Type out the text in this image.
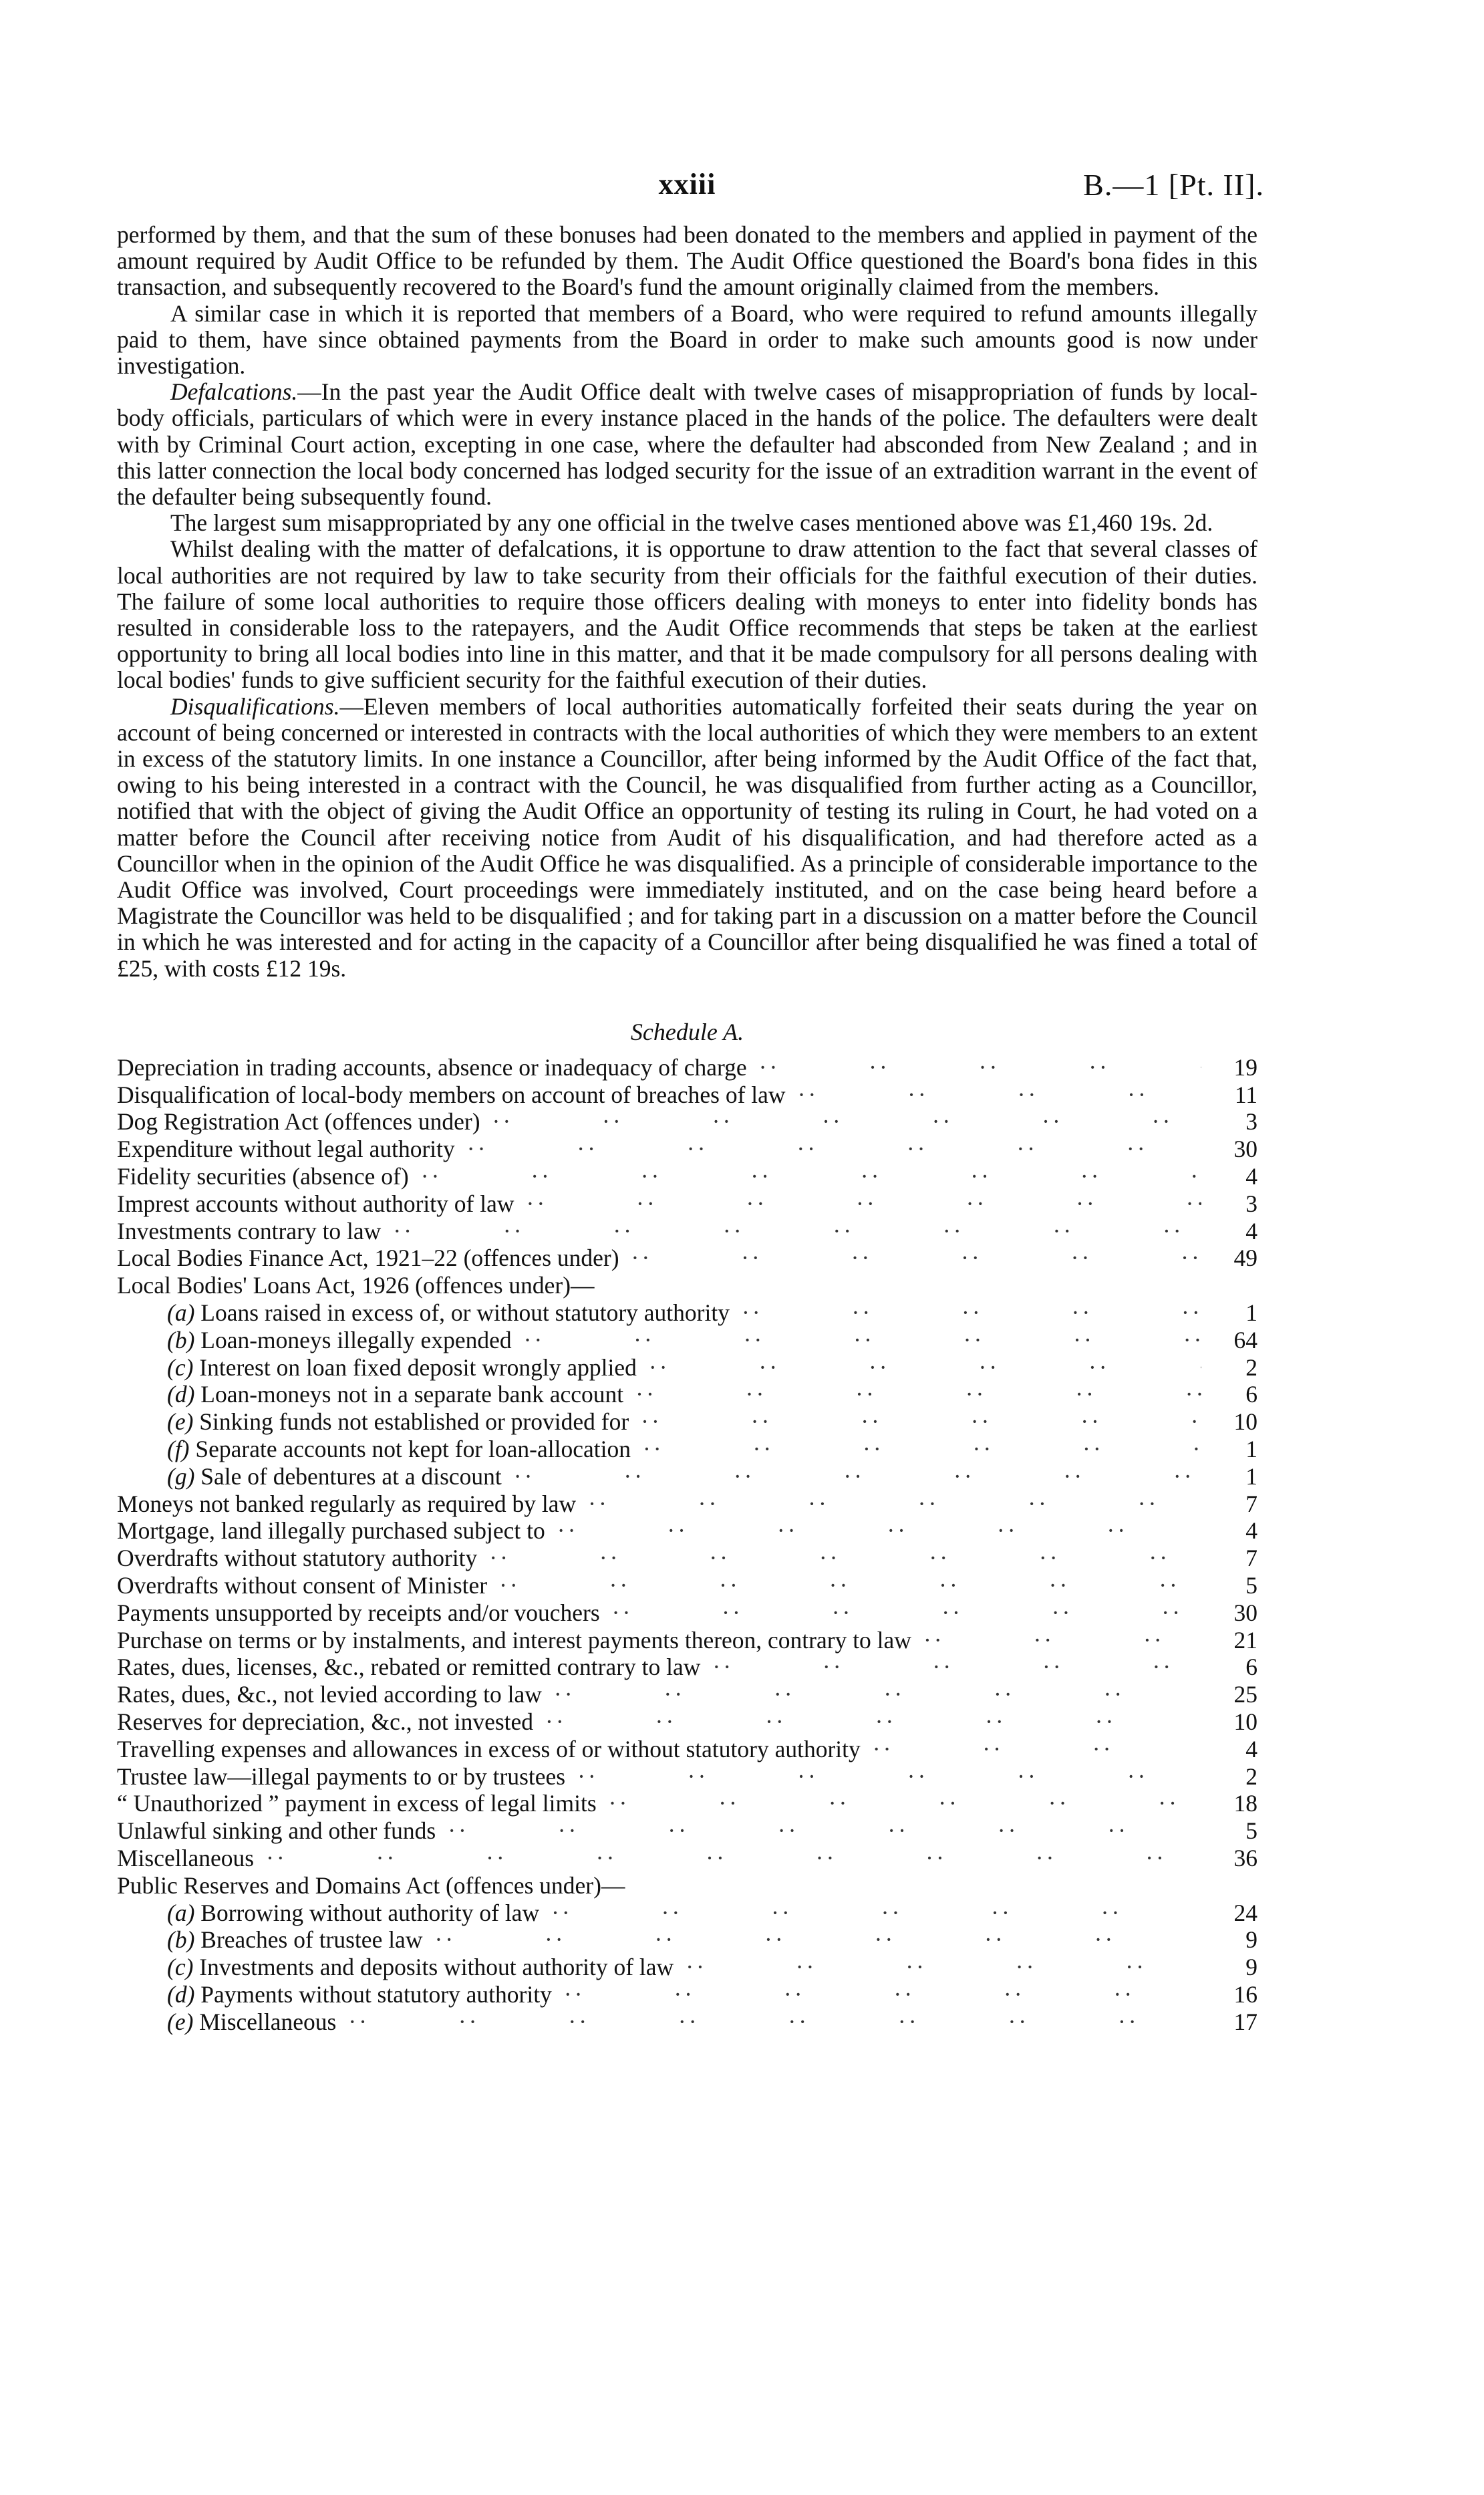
xxiii	B.—1 [Pt. II].

performed by them, and that the sum of these bonuses had been donated to the members and applied in payment of the amount required by Audit Office to be refunded by them. The Audit Office questioned the Board's bona fides in this transaction, and subsequently recovered to the Board's fund the amount originally claimed from the members.

A similar case in which it is reported that members of a Board, who were required to refund amounts illegally paid to them, have since obtained payments from the Board in order to make such amounts good is now under investigation.

Defalcations.—In the past year the Audit Office dealt with twelve cases of misappropriation of funds by local-body officials, particulars of which were in every instance placed in the hands of the police. The defaulters were dealt with by Criminal Court action, excepting in one case, where the defaulter had absconded from New Zealand ; and in this latter connection the local body concerned has lodged security for the issue of an extradition warrant in the event of the defaulter being subsequently found.

The largest sum misappropriated by any one official in the twelve cases mentioned above was £1,460 19s. 2d.

Whilst dealing with the matter of defalcations, it is opportune to draw attention to the fact that several classes of local authorities are not required by law to take security from their officials for the faithful execution of their duties. The failure of some local authorities to require those officers dealing with moneys to enter into fidelity bonds has resulted in considerable loss to the ratepayers, and the Audit Office recommends that steps be taken at the earliest opportunity to bring all local bodies into line in this matter, and that it be made compulsory for all persons dealing with local bodies' funds to give sufficient security for the faithful execution of their duties.

Disqualifications.—Eleven members of local authorities automatically forfeited their seats during the year on account of being concerned or interested in contracts with the local authorities of which they were members to an extent in excess of the statutory limits. In one instance a Councillor, after being informed by the Audit Office of the fact that, owing to his being interested in a contract with the Council, he was disqualified from further acting as a Councillor, notified that with the object of giving the Audit Office an opportunity of testing its ruling in Court, he had voted on a matter before the Council after receiving notice from Audit of his disqualification, and had therefore acted as a Councillor when in the opinion of the Audit Office he was disqualified. As a principle of considerable importance to the Audit Office was involved, Court proceedings were immediately instituted, and on the case being heard before a Magistrate the Councillor was held to be disqualified ; and for taking part in a discussion on a matter before the Council in which he was interested and for acting in the capacity of a Councillor after being disqualified he was fined a total of £25, with costs £12 19s.

Schedule A.
Depreciation in trading accounts, absence or inadequacy of charge ·· ··	19
Disqualification of local-body members on account of breaches of law ·· ··	11
Dog Registration Act (offences under) ·· ··	3
Expenditure without legal authority ·· ··	30
Fidelity securities (absence of) ·· ··	4
Imprest accounts without authority of law ·· ··	3
Investments contrary to law ·· ··	4
Local Bodies Finance Act, 1921–22 (offences under) ·· ··	49
Local Bodies' Loans Act, 1926 (offences under)—
(a) Loans raised in excess of, or without statutory authority ·· ··	1
(b) Loan-moneys illegally expended ·· ··	64
(c) Interest on loan fixed deposit wrongly applied ·· ··	2
(d) Loan-moneys not in a separate bank account ·· ··	6
(e) Sinking funds not established or provided for ·· ··	10
(f) Separate accounts not kept for loan-allocation ·· ··	1
(g) Sale of debentures at a discount ·· ··	1
Moneys not banked regularly as required by law ·· ··	7
Mortgage, land illegally purchased subject to ·· ··	4
Overdrafts without statutory authority ·· ··	7
Overdrafts without consent of Minister ·· ··	5
Payments unsupported by receipts and/or vouchers ·· ··	30
Purchase on terms or by instalments, and interest payments thereon, contrary to law ·· ··	21
Rates, dues, licenses, &c., rebated or remitted contrary to law ·· ··	6
Rates, dues, &c., not levied according to law ·· ··	25
Reserves for depreciation, &c., not invested ·· ··	10
Travelling expenses and allowances in excess of or without statutory authority ·· ··	4
Trustee law—illegal payments to or by trustees ·· ··	2
“ Unauthorized ” payment in excess of legal limits ·· ··	18
Unlawful sinking and other funds ·· ··	5
Miscellaneous ·· ··	36
Public Reserves and Domains Act (offences under)—
(a) Borrowing without authority of law ·· ··	24
(b) Breaches of trustee law ·· ··	9
(c) Investments and deposits without authority of law ·· ··	9
(d) Payments without statutory authority ·· ··	16
(e) Miscellaneous ·· ··	17
